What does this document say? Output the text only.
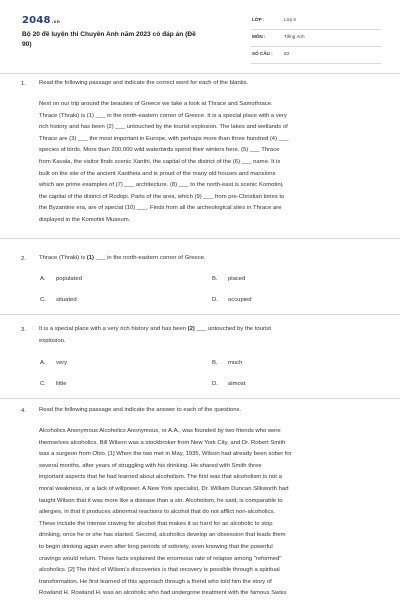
2048.vn
Bộ 20 đề luyện thi Chuyên Anh năm 2023 có đáp án (Đề
90)
LỚP :	Lớp 9
MÔN :	Tiếng Anh
SỐ CÂU : 83
1. Read the following passage and indicate the correct word for each of the blanks.
Next on our trip around the beauties of Greece we take a look at Thrace and Samothrace.
Thrace (Thraki) is (1) ___ in the north-eastern corner of Greece. It is a special place with a very
rich history and has been (2) ___ untouched by the tourist explosion. The lakes and wetlands of
Thrace are (3) ___ the most important in Europe, with perhaps more than three hundred (4) ___
species of birds. More than 200,000 wild waterbirds spend their winters here. (5) ___ Thrace
from Kavala, the visitor finds scenic Xanthi, the capital of the district of the (6) ___ name. It is
built on the site of the ancient Xantheia and is proud of the many old houses and mansions
which are prime examples of (7) ___ architecture. (8) ___ to the north-east is scenic Komotini,
the capital of the district of Rodopi. Parts of the area, which (9) ___ from pre-Christian times to
the Byzantine era, are of special (10) ___. Finds from all the archeological sites in Thrace are
displayed in the Komotini Museum.
2. Thrace (Thraki) is (1) ___ in the north-eastern corner of Greece.
A. populated	B. placed
C. situated	D. occupied
3. It is a special place with a very rich history and has been (2) ___ untouched by the tourist
explosion.
A. very	B. much
C. little	D. almost
4. Read the following passage and indicate the answer to each of the questions.
Alcoholics Anonymous Alcoholics Anonymous, or A.A., was founded by two friends who were
themselves alcoholics. Bill Wilson was a stockbroker from New York City, and Dr. Robert Smith
was a surgeon from Ohio. [1] When the two met in May, 1935, Wilson had already been sober for
several months, after years of struggling with his drinking. He shared with Smith three
important aspects that he had learned about alcoholism. The first was that alcoholism is not a
moral weakness, or a lack of willpower. A New York specialist, Dr. William Duncan Silkworth had
taught Wilson that it was more like a disease than a sin. Alcoholism, he said, is comparable to
allergies, in that it produces abnormal reactions to alcohol that do not afflict non-alcoholics.
These include the intense craving for alcohol that makes it so hard for an alcoholic to stop
drinking, once he or she has started. Second, alcoholics develop an obsession that leads them
to begin drinking again even after long periods of sobriety, even knowing that the powerful
cravings would return. These facts explained the enormous rate of relapse among "reformed"
alcoholics. [2] The third of Wilson's discoveries is that recovery is possible through a spiritual
transformation. He first learned of this approach through a friend who told him the story of
Rowland H. Rowland H. was an alcoholic who had undergone treatment with the famous Swiss
